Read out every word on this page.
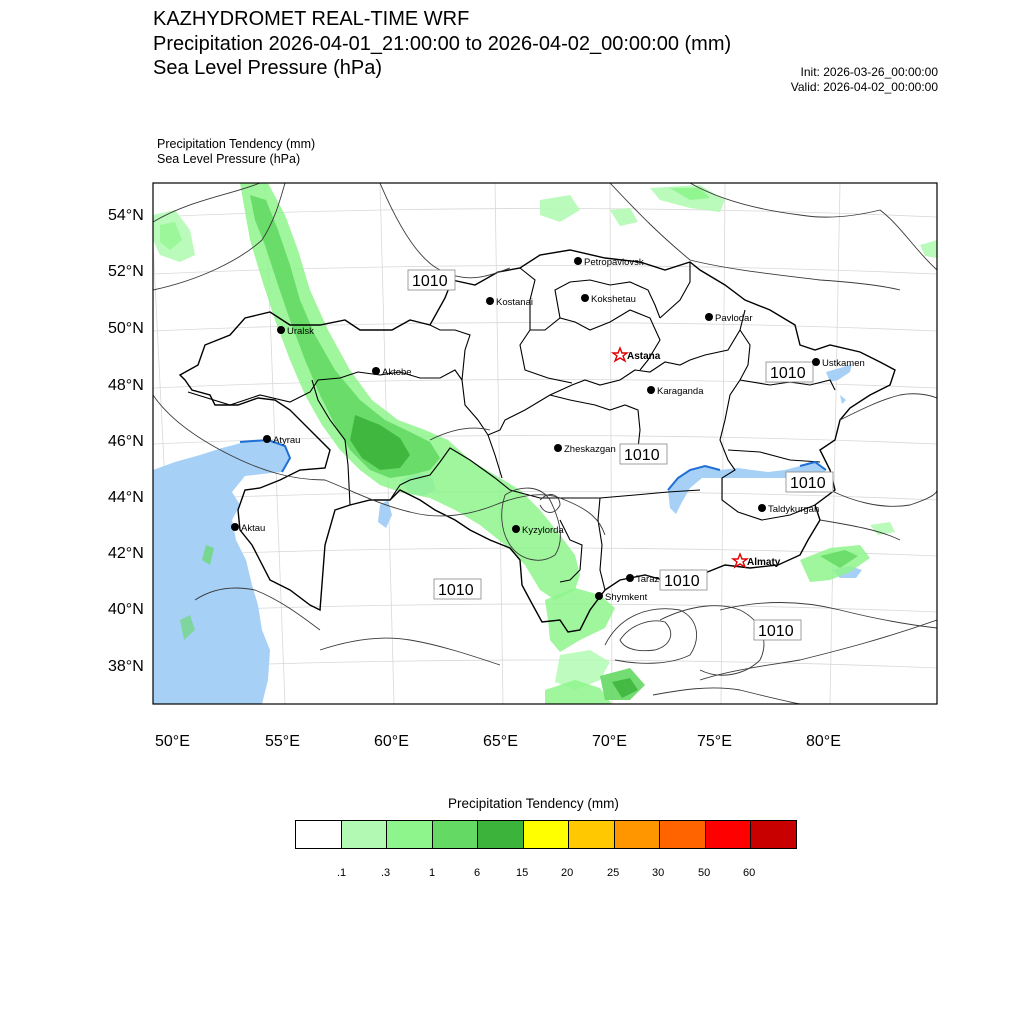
KAZHYDROMET REAL-TIME WRF
Precipitation 2026-04-01_21:00:00 to 2026-04-02_00:00:00 (mm)
Sea Level Pressure (hPa)	Init: 2026-03-26_00:00:00
Valid: 2026-04-02_00:00:00
Precipitation Tendency (mm)
Sea Level Pressure (hPa)
54°N
52°N
50°N
48°N
46°N
44°N
42°N
40°N
38°N
50°E	55°E	60°E	65°E	70°E	75°E	80°E
1010
1010
1010
1010
1010
1010
1010
Petropavlovsk
Kostanai	Kokshetau
Pavlodar
Uralsk
Astana
Ustkamen
Aktobe
Karaganda
Atyrau
Zheskazgan
Taldykurgan
Aktau	Kyzylorda
Almaty
Taraz
Shymkent
Precipitation Tendency (mm)
.1	.3	1	6	15	20	25	30	50	60
